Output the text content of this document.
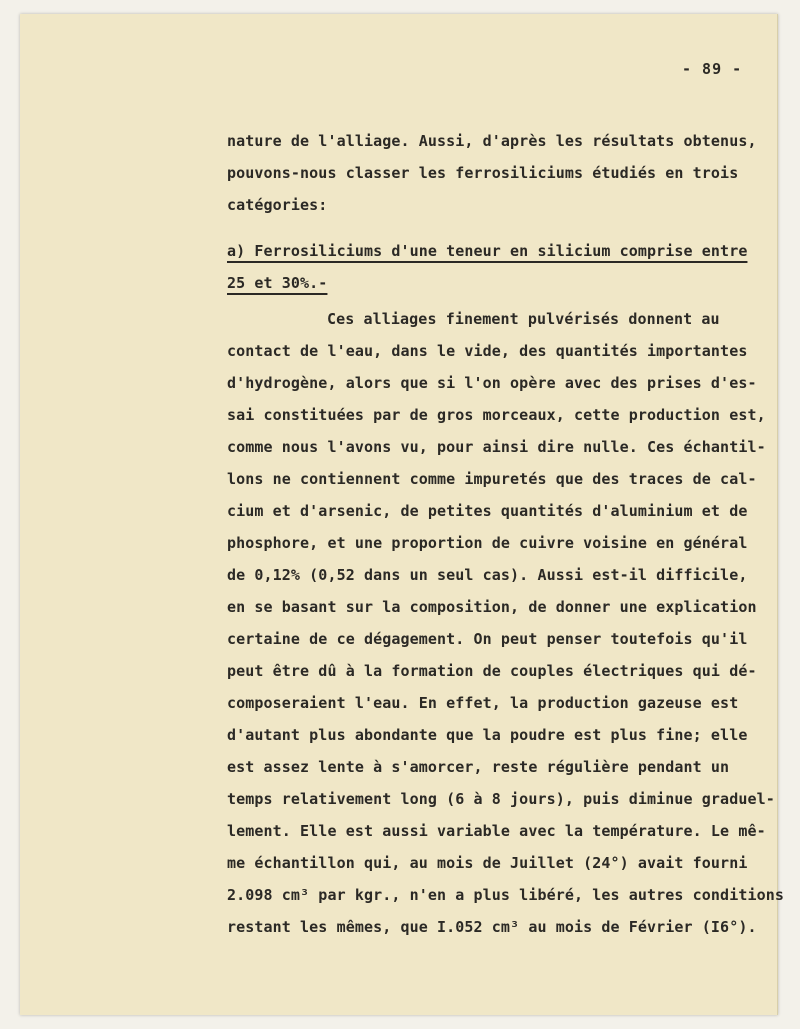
- 89 -
nature de l'alliage. Aussi, d'après les résultats obtenus,
pouvons-nous classer les ferrosiliciums étudiés en trois
catégories:
a) Ferrosiliciums d'une teneur en silicium comprise entre
25 et 30%.-
Ces alliages finement pulvérisés donnent au
contact de l'eau, dans le vide, des quantités importantes
d'hydrogène, alors que si l'on opère avec des prises d'es-
sai constituées par de gros morceaux, cette production est,
comme nous l'avons vu, pour ainsi dire nulle. Ces échantil-
lons ne contiennent comme impuretés que des traces de cal-
cium et d'arsenic, de petites quantités d'aluminium et de
phosphore, et une proportion de cuivre voisine en général
de 0,12% (0,52 dans un seul cas). Aussi est-il difficile,
en se basant sur la composition, de donner une explication
certaine de ce dégagement. On peut penser toutefois qu'il
peut être dû à la formation de couples électriques qui dé-
composeraient l'eau. En effet, la production gazeuse est
d'autant plus abondante que la poudre est plus fine; elle
est assez lente à s'amorcer, reste régulière pendant un
temps relativement long (6 à 8 jours), puis diminue graduel-
lement. Elle est aussi variable avec la température. Le mê-
me échantillon qui, au mois de Juillet (24°) avait fourni
2.098 cm³ par kgr., n'en a plus libéré, les autres conditions
restant les mêmes, que I.052 cm³ au mois de Février (I6°).
